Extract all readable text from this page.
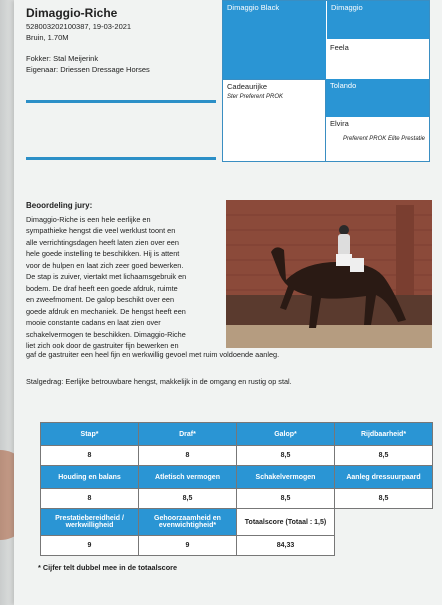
Dimaggio-Riche
528003202100387, 19-03-2021
Bruin, 1.70M
Fokker: Stal Meijerink
Eigenaar: Driessen Dressage Horses
Dimaggio Black	Dimaggio
Feela
Cadeaurijke
Ster Preferent PROK
Tolando
Elvira
Preferent PROK Elite Prestatie
Beoordeling jury:
Dimaggio-Riche is een hele eerlijke en
sympathieke hengst die veel werklust toont en
alle verrichtingsdagen heeft laten zien over een
hele goede instelling te beschikken. Hij is attent
voor de hulpen en laat zich zeer goed bewerken.
De stap is zuiver, viertakt met lichaamsgebruik en
bodem. De draf heeft een goede afdruk, ruimte
en zweefmoment. De galop beschikt over een
goede afdruk en mechaniek. De hengst heeft een
mooie constante cadans en laat zien over
schakelvermogen te beschikken. Dimaggio-Riche
liet zich ook door de gastruiter fijn bewerken en
gaf de gastruiter een heel fijn en werkwillig gevoel met ruim voldoende aanleg.
Stalgedrag: Eerlijke betrouwbare hengst, makkelijk in de omgang en rustig op stal.
Stap*	Draf*	Galop*	Rijdbaarheid*
8	8	8,5	8,5
Houding en balans	Atletisch vermogen	Schakelvermogen	Aanleg dressuurpaard
8	8,5	8,5	8,5
Prestatiebereidheid / werkwilligheid	Gehoorzaamheid en evenwichtigheid*	Totaalscore (Totaal : 1,5)	
9	9	84,33	
* Cijfer telt dubbel mee in de totaalscore
